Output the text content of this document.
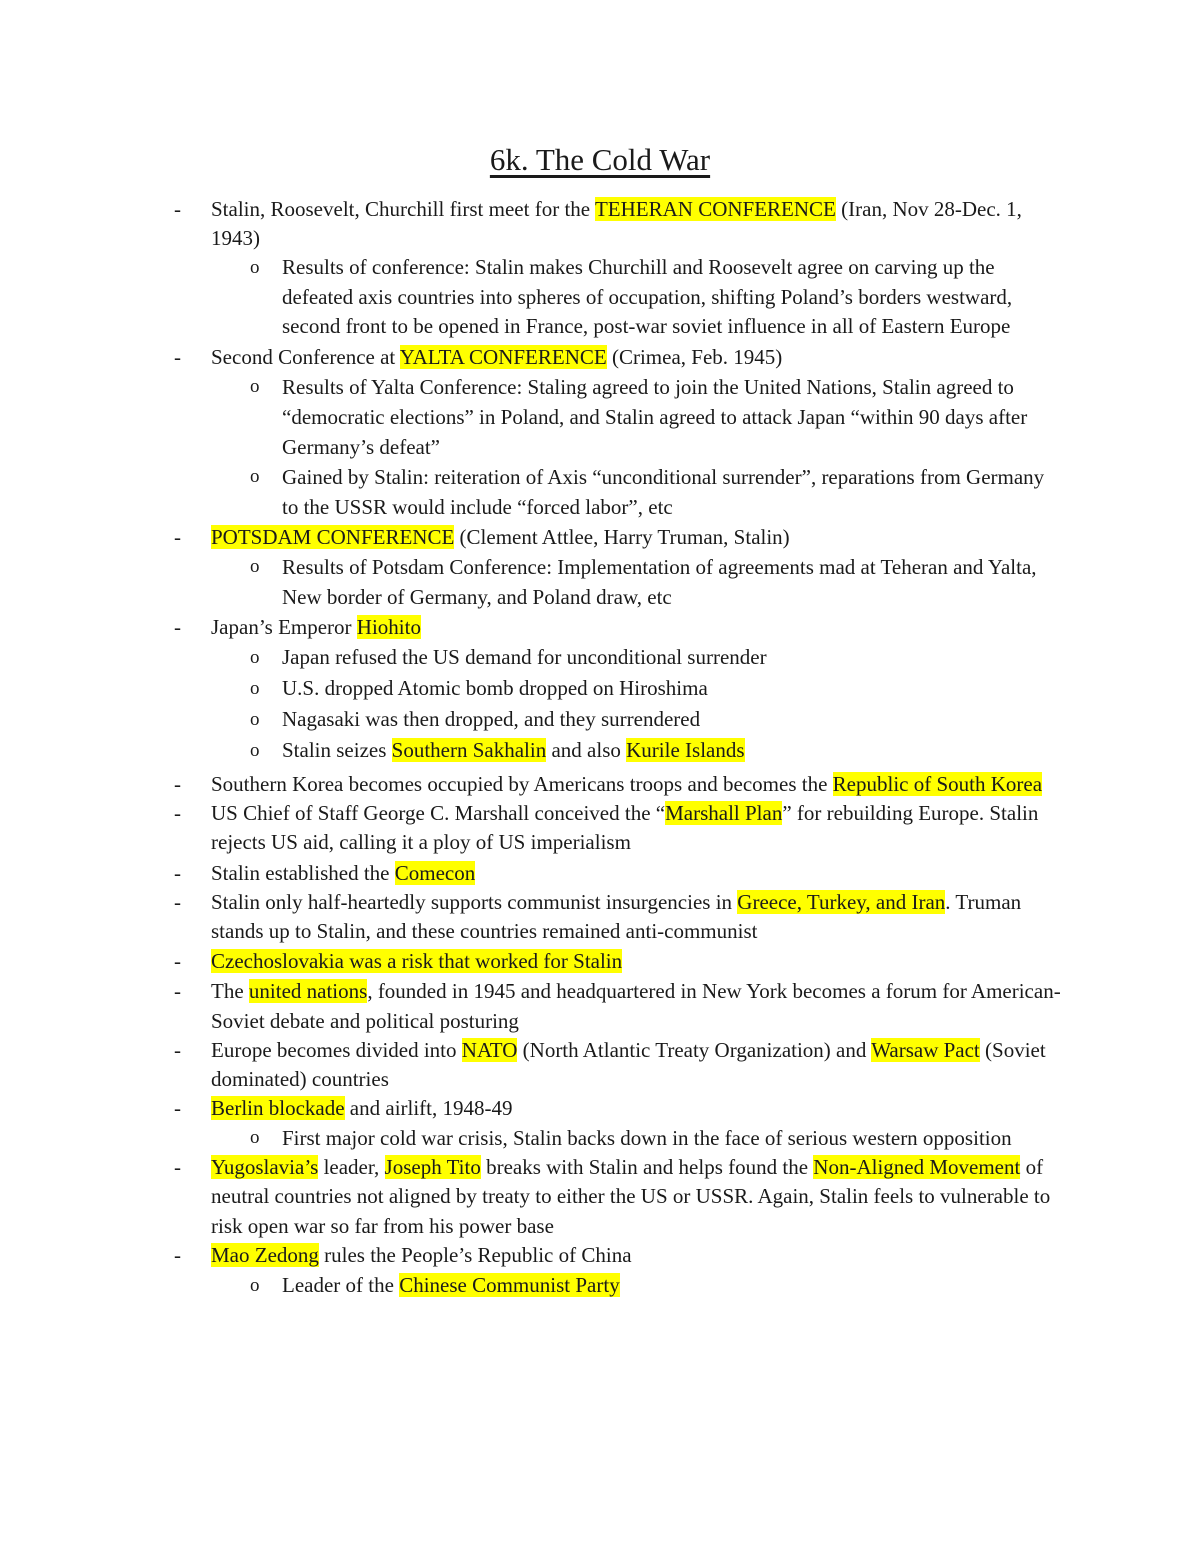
6k. The Cold War
- Stalin, Roosevelt, Churchill first meet for the TEHERAN CONFERENCE (Iran, Nov 28-Dec. 1, 1943)
o Results of conference: Stalin makes Churchill and Roosevelt agree on carving up the defeated axis countries into spheres of occupation, shifting Poland’s borders westward, second front to be opened in France, post-war soviet influence in all of Eastern Europe
- Second Conference at YALTA CONFERENCE (Crimea, Feb. 1945)
o Results of Yalta Conference: Staling agreed to join the United Nations, Stalin agreed to “democratic elections” in Poland, and Stalin agreed to attack Japan “within 90 days after Germany’s defeat”
o Gained by Stalin: reiteration of Axis “unconditional surrender”, reparations from Germany to the USSR would include “forced labor”, etc
- POTSDAM CONFERENCE (Clement Attlee, Harry Truman, Stalin)
o Results of Potsdam Conference: Implementation of agreements mad at Teheran and Yalta, New border of Germany, and Poland draw, etc
- Japan’s Emperor Hiohito
o Japan refused the US demand for unconditional surrender
o U.S. dropped Atomic bomb dropped on Hiroshima
o Nagasaki was then dropped, and they surrendered
o Stalin seizes Southern Sakhalin and also Kurile Islands
- Southern Korea becomes occupied by Americans troops and becomes the Republic of South Korea
- US Chief of Staff George C. Marshall conceived the “Marshall Plan” for rebuilding Europe. Stalin rejects US aid, calling it a ploy of US imperialism
- Stalin established the Comecon
- Stalin only half-heartedly supports communist insurgencies in Greece, Turkey, and Iran. Truman stands up to Stalin, and these countries remained anti-communist
- Czechoslovakia was a risk that worked for Stalin
- The united nations, founded in 1945 and headquartered in New York becomes a forum for American- Soviet debate and political posturing
- Europe becomes divided into NATO (North Atlantic Treaty Organization) and Warsaw Pact (Soviet dominated) countries
- Berlin blockade and airlift, 1948-49
o First major cold war crisis, Stalin backs down in the face of serious western opposition
- Yugoslavia’s leader, Joseph Tito breaks with Stalin and helps found the Non-Aligned Movement of neutral countries not aligned by treaty to either the US or USSR. Again, Stalin feels to vulnerable to risk open war so far from his power base
- Mao Zedong rules the People’s Republic of China
o Leader of the Chinese Communist Party
